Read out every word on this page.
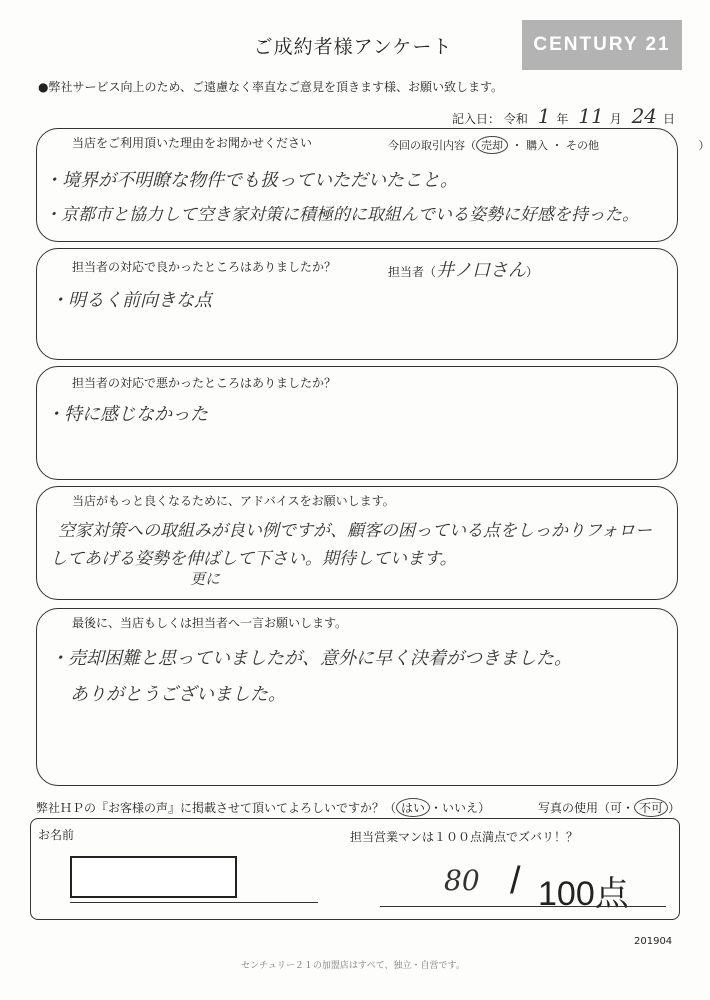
ご成約者様アンケート	CENTURY 21
●弊社サービス向上のため、ご遠慮なく率直なご意見を頂きます様、お願い致します。
記入日： 令和 1 年 11 月 24 日
当店をご利用頂いた理由をお聞かせください	今回の取引内容（ 売却 ・ 購入 ・ その他	）
・境界が不明瞭な物件でも扱っていただいたこと。
・京都市と協力して空き家対策に積極的に取組んでいる姿勢に好感を持った。
担当者の対応で良かったところはありましたか？	担当者（井ノ口さん）
・明るく前向きな点
担当者の対応で悪かったところはありましたか？
・特に感じなかった
当店がもっと良くなるために、アドバイスをお願いします。
空家対策への取組みが良い例ですが、顧客の困っている点をしっかりフォロー
してあげる姿勢を伸ばして下さい。期待しています。
更に
最後に、当店もしくは担当者へ一言お願いします。
・売却困難と思っていましたが、意外に早く決着がつきました。
ありがとうございました。
弊社ＨＰの『お客様の声』に掲載させて頂いてよろしいですか？（ はい ・いいえ）	写真の使用（可・ 不可 ）
お名前	担当営業マンは１００点満点でズバリ！？
80 / 100点
201904
センチュリー２１の加盟店はすべて、独立・自営です。
